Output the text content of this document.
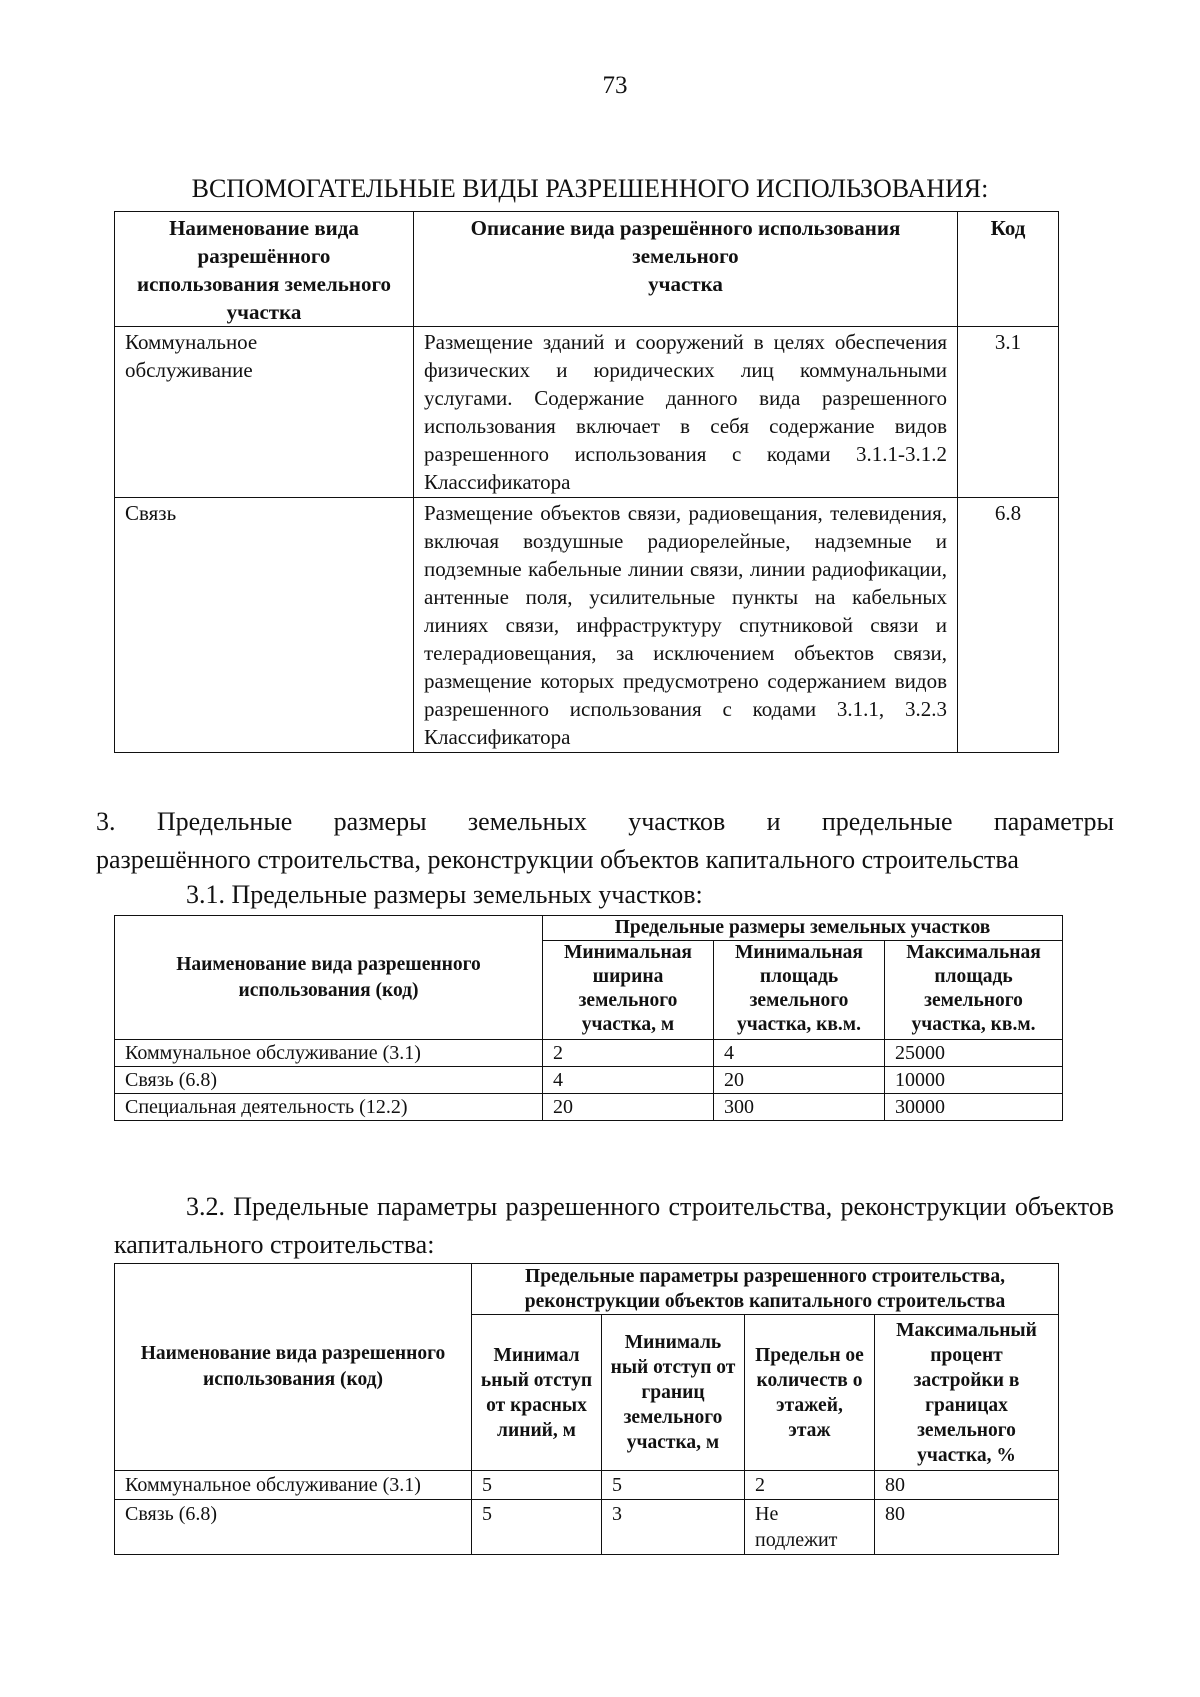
73
ВСПОМОГАТЕЛЬНЫЕ ВИДЫ РАЗРЕШЕННОГО ИСПОЛЬЗОВАНИЯ:
Наименование вида разрешённого использования земельного участка	Описание вида разрешённого использования
земельного
участка	Код
Коммунальное обслуживание	Размещение зданий и сооружений в целях обеспечения физических и юридических лиц коммунальными услугами. Содержание данного вида разрешенного использования включает в себя содержание видов разрешенного использования с кодами 3.1.1-3.1.2 Классификатора	3.1
Связь	Размещение объектов связи, радиовещания, телевидения, включая воздушные радиорелейные, надземные и подземные кабельные линии связи, линии радиофикации, антенные поля, усилительные пункты на кабельных линиях связи, инфраструктуру спутниковой связи и телерадиовещания, за исключением объектов связи, размещение которых предусмотрено содержанием видов разрешенного использования с кодами 3.1.1, 3.2.3 Классификатора	6.8
3. Предельные размеры земельных участков и предельные параметры
разрешённого строительства, реконструкции объектов капитального строительства
3.1. Предельные размеры земельных участков:
Наименование вида разрешенного использования (код)	Предельные размеры земельных участков		
	Минимальная ширина земельного участка, м	Минимальная площадь земельного участка, кв.м.	Максимальная площадь земельного участка, кв.м.
Коммунальное обслуживание (3.1)	2	4	25000
Связь (6.8)	4	20	10000
Специальная деятельность (12.2)	20	300	30000
3.2. Предельные параметры разрешенного строительства, реконструкции объектов капитального строительства:
Наименование вида разрешенного использования (код)	Предельные параметры разрешенного строительства, реконструкции объектов капитального строительства			
	Минимал ьный отступ от красных линий, м	Минималь ный отступ от границ земельного участка, м	Предельн ое количеств о этажей, этаж	Максимальный процент застройки в границах земельного участка, %
Коммунальное обслуживание (3.1)	5	5	2	80
Связь (6.8)	5	3	Не подлежит	80
